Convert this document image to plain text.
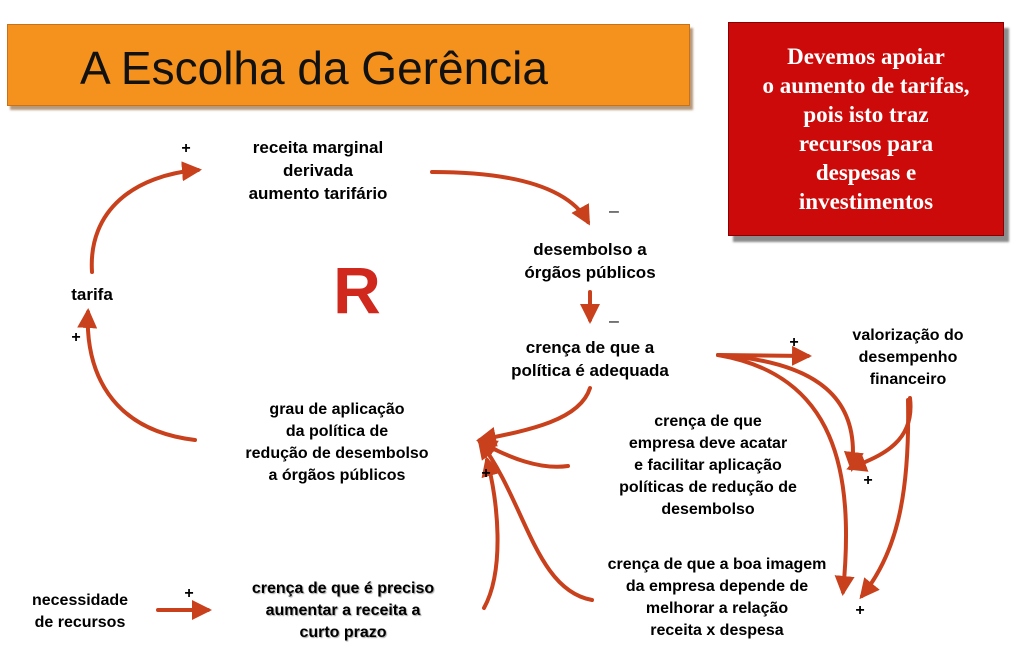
A Escolha da Gerência	Devemos apoiar
o aumento de tarifas,
pois isto traz
recursos para
despesas e
investimentos
R
receita marginal
derivada
aumento tarifário
desembolso a
órgãos públicos
crença de que a
política é adequada
tarifa
grau de aplicação
da política de
redução de desembolso
a órgãos públicos
crença de que
empresa deve acatar
e facilitar aplicação
políticas de redução de
desembolso
valorização do
desempenho
financeiro
crença de que a boa imagem
da empresa depende de
melhorar a relação
receita x despesa
necessidade
de recursos
crença de que é preciso
aumentar a receita a
curto prazo
+
_
_
+
+
+
+
+
+
